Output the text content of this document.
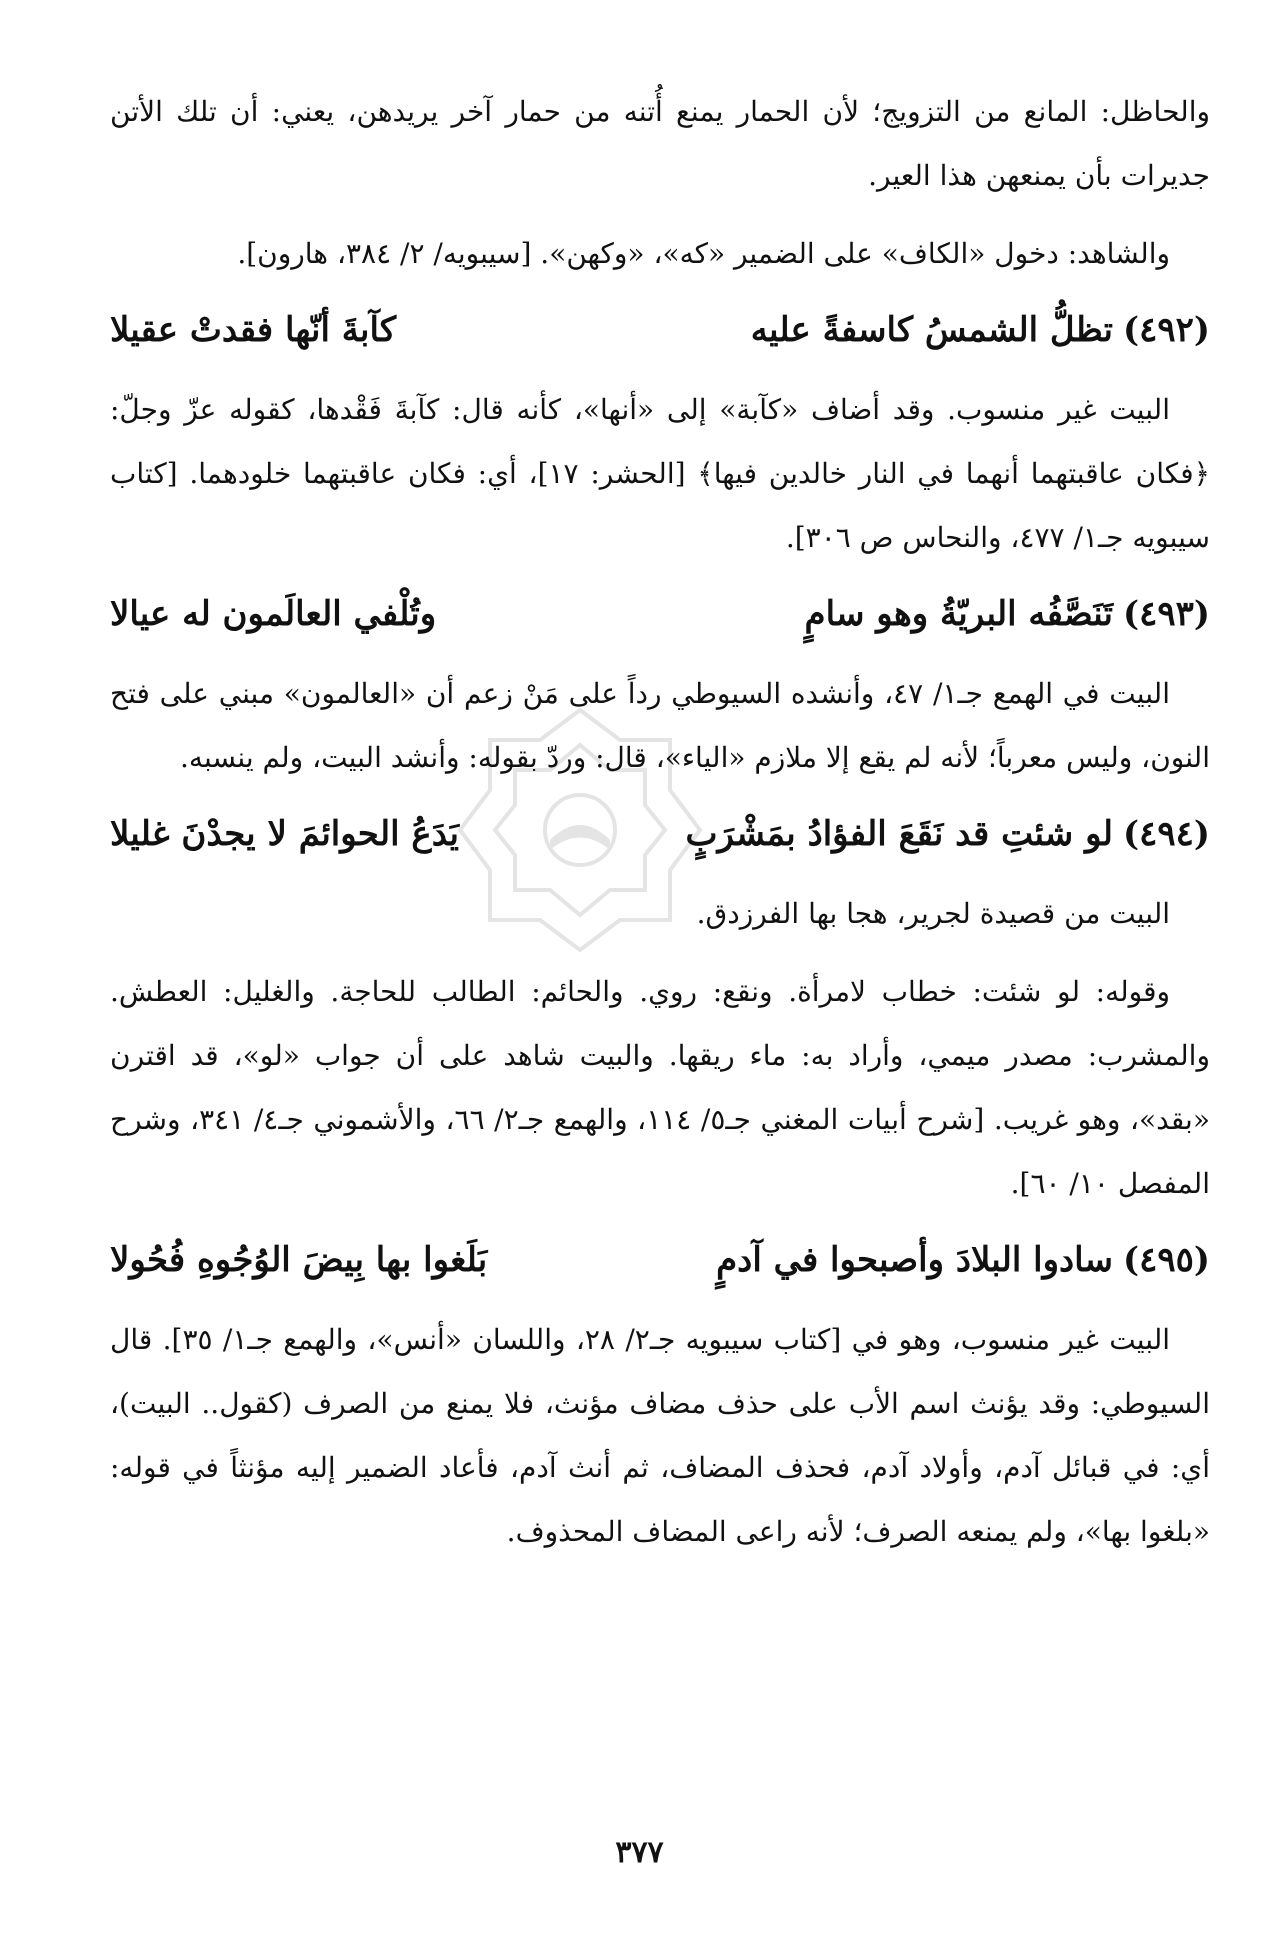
والحاظل: المانع من التزويج؛ لأن الحمار يمنع أُتنه من حمار آخر يريدهن، يعني: أن تلك الأتن جديرات بأن يمنعهن هذا العير.

والشاهد: دخول «الكاف» على الضمير «كه»، «وكهن». [سيبويه/ ٢/ ٣٨٤، هارون].

(٤٩٢)
تظلُّ الشمسُ كاسفةً عليه
كآبةَ أنّها فقدتْ عقيلا

البيت غير منسوب. وقد أضاف «كآبة» إلى «أنها»، كأنه قال: كآبةَ فَقْدها، كقوله عزّ وجلّ: ﴿فكان عاقبتهما أنهما في النار خالدين فيها﴾ [الحشر: ١٧]، أي: فكان عاقبتهما خلودهما. [كتاب سيبويه جـ١/ ٤٧٧، والنحاس ص ٣٠٦].

(٤٩٣)
تَنَصَّفُه البريّةُ وهو سامٍ
وتُلْفي العالَمون له عيالا

البيت في الهمع جـ١/ ٤٧، وأنشده السيوطي رداً على مَنْ زعم أن «العالمون» مبني على فتح النون، وليس معرباً؛ لأنه لم يقع إلا ملازم «الياء»، قال: وردّ بقوله: وأنشد البيت، ولم ينسبه.

(٤٩٤)
لو شئتِ قد نَقَعَ الفؤادُ بمَشْرَبٍ
يَدَعُ الحوائمَ لا يجدْنَ غليلا

البيت من قصيدة لجرير، هجا بها الفرزدق.

وقوله: لو شئت: خطاب لامرأة. ونقع: روي. والحائم: الطالب للحاجة. والغليل: العطش. والمشرب: مصدر ميمي، وأراد به: ماء ريقها. والبيت شاهد على أن جواب «لو»، قد اقترن «بقد»، وهو غريب. [شرح أبيات المغني جـ٥/ ١١٤، والهمع جـ٢/ ٦٦، والأشموني جـ٤/ ٣٤١، وشرح المفصل ١٠/ ٦٠].

(٤٩٥)
سادوا البلادَ وأصبحوا في آدمٍ
بَلَغوا بها بِيضَ الوُجُوهِ فُحُولا

البيت غير منسوب، وهو في [كتاب سيبويه جـ٢/ ٢٨، واللسان «أنس»، والهمع جـ١/ ٣٥]. قال السيوطي: وقد يؤنث اسم الأب على حذف مضاف مؤنث، فلا يمنع من الصرف (كقول.. البيت)، أي: في قبائل آدم، وأولاد آدم، فحذف المضاف، ثم أنث آدم، فأعاد الضمير إليه مؤنثاً في قوله: «بلغوا بها»، ولم يمنعه الصرف؛ لأنه راعى المضاف المحذوف.

٣٧٧
